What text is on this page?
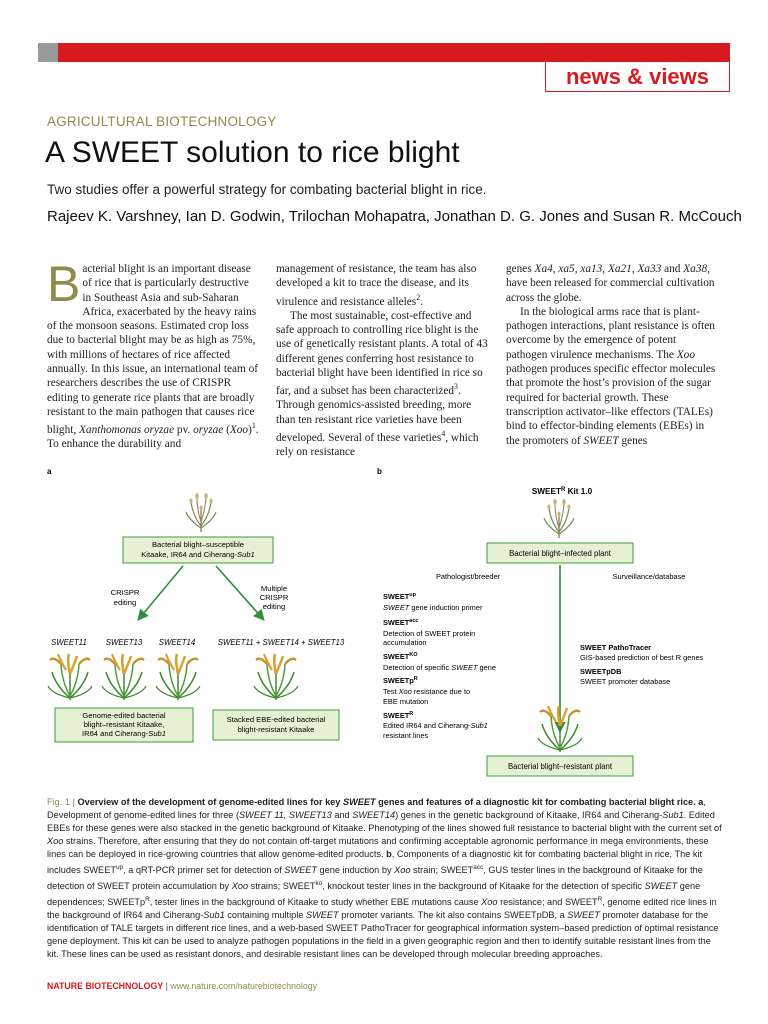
news & views
AGRICULTURAL BIOTECHNOLOGY
A SWEET solution to rice blight
Two studies offer a powerful strategy for combating bacterial blight in rice.
Rajeev K. Varshney, Ian D. Godwin, Trilochan Mohapatra, Jonathan D. G. Jones and Susan R. McCouch

Bacterial blight is an important disease of rice that is particularly destructive in Southeast Asia and sub-Saharan Africa, exacerbated by the heavy rains of the monsoon seasons. Estimated crop loss due to bacterial blight may be as high as 75%, with millions of hectares of rice affected annually. In this issue, an international team of researchers describes the use of CRISPR editing to generate rice plants that are broadly resistant to the main pathogen that causes rice blight, Xanthomonas oryzae pv. oryzae (Xoo)$^1$. To enhance the durability and

management of resistance, the team has also developed a kit to trace the disease, and its virulence and resistance alleles$^2$.

The most sustainable, cost-effective and safe approach to controlling rice blight is the use of genetically resistant plants. A total of 43 different genes conferring host resistance to bacterial blight have been identified in rice so far, and a subset has been characterized$^3$. Through genomics-assisted breeding, more than ten resistant rice varieties have been developed. Several of these varieties$^4$, which rely on resistance

genes Xa4, xa5, xa13, Xa21, Xa33 and Xa38, have been released for commercial cultivation across the globe.

In the biological arms race that is plant-pathogen interactions, plant resistance is often overcome by the emergence of potent pathogen virulence mechanisms. The Xoo pathogen produces specific effector molecules that promote the host’s provision of the sugar required for bacterial growth. These transcription activator–like effectors (TALEs) bind to effector-binding elements (EBEs) in the promoters of SWEET genes

a
Bacterial blight–susceptible
Kitaake, IR64 and Ciherang-Sub1
CRISPR
editing
Multiple
CRISPR
editing
SWEET11 SWEET13 SWEET14	SWEET11 + SWEET14 + SWEET13
Genome-edited bacterial
blight–resistant Kitaake,
IR64 and Ciherang-Sub1
Stacked EBE-edited bacterial
blight-resistant Kitaake
b
$SWEET^R$ Kit 1.0
Bacterial blight–infected plant
Pathologist/breeder	Surveillance/database
$SWEET^{up}$
SWEET gene induction primer
$SWEET^{acc}$
Detection of SWEET protein
accumulation
$SWEET^{KO}$
Detection of specific SWEET gene
SWEETp$^R$
Test Xoo resistance due to
EBE mutation
$SWEET^R$
Edited IR64 and Ciherang-Sub1
resistant lines
SWEET PathoTracer
GIS-based prediction of best R genes
SWEETpDB
SWEET promoter database
Bacterial blight–resistant plant
Fig. 1 | Overview of the development of genome-edited lines for key SWEET genes and features of a diagnostic kit for combating bacterial blight rice. a, Development of genome-edited lines for three (SWEET 11, SWEET13 and SWEET14) genes in the genetic background of Kitaake, IR64 and Ciherang-Sub1. Edited EBEs for these genes were also stacked in the genetic background of Kitaake. Phenotyping of the lines showed full resistance to bacterial blight with the current set of Xoo strains. Therefore, after ensuring that they do not contain off-target mutations and confirming acceptable agronomic performance in mega environments, these lines can be deployed in rice-growing countries that allow genome-edited products. b, Components of a diagnostic kit for combating bacterial blight in rice. The kit includes $SWEET^{up}$, a qRT-PCR primer set for detection of SWEET gene induction by Xoo strain; $SWEET^{acc}$, GUS tester lines in the background of Kitaake for the detection of SWEET protein accumulation by Xoo strains; $SWEET^{ko}$, knockout tester lines in the background of Kitaake for the detection of specific SWEET gene dependences; SWEETp$^R$, tester lines in the background of Kitaake to study whether EBE mutations cause Xoo resistance; and $SWEET^R$, genome edited rice lines in the background of IR64 and Ciherang-Sub1 containing multiple SWEET promoter variants. The kit also contains SWEETpDB, a SWEET promoter database for the identification of TALE targets in different rice lines, and a web-based SWEET PathoTracer for geographical information system–based prediction of optimal resistance gene deployment. This kit can be used to analyze pathogen populations in the field in a given geographic region and then to identify suitable resistant lines from the kit. These lines can be used as resistant donors, and desirable resistant lines can be developed through molecular breeding approaches.
NATURE BIOTECHNOLOGY | www.nature.com/naturebiotechnology
